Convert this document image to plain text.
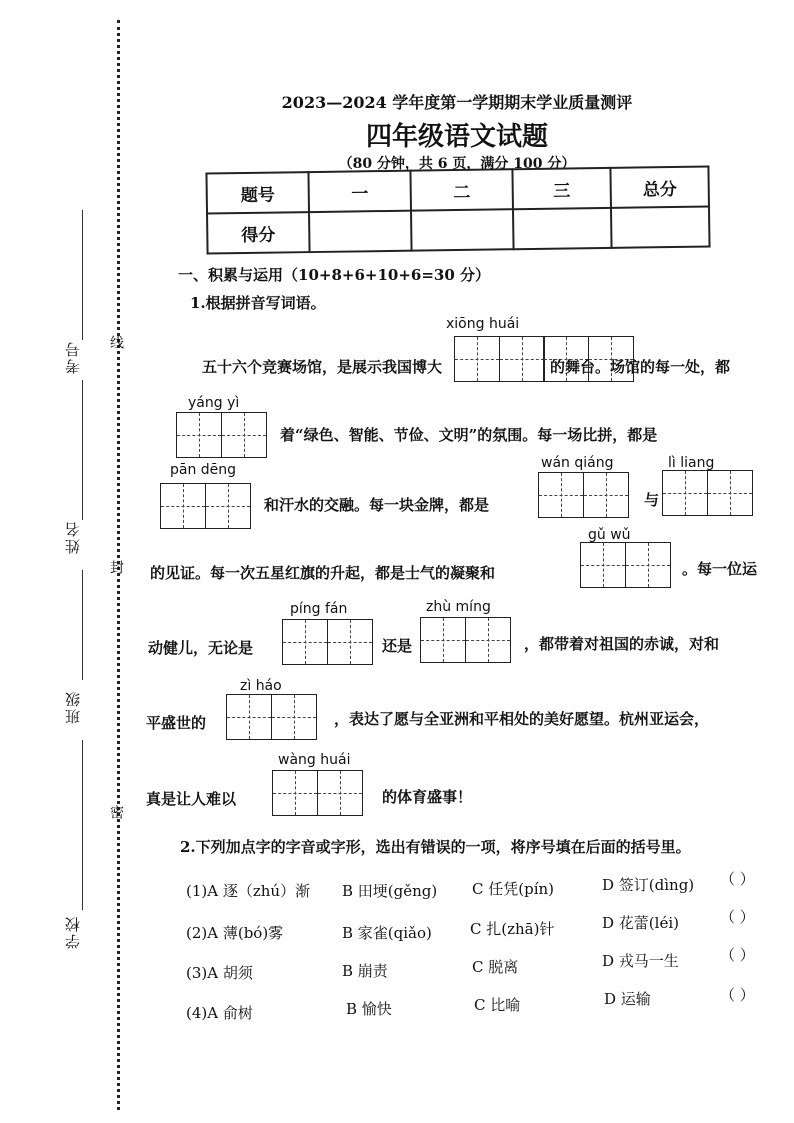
考号
姓名
班级
学校
线
封
密
2023—2024 学年度第一学期期末学业质量测评
四年级语文试题
（80 分钟，共 6 页，满分 100 分）
题号	一	二	三	总分
得分				
一、积累与运用（10+8+6+10+6=30 分）
1.根据拼音写词语。
xiōng huái
五十六个竞赛场馆，是展示我国博大	的舞台。场馆的每一处，都
yáng yì
着“绿色、智能、节俭、文明”的氛围。每一场比拼，都是
pān dēng
和汗水的交融。每一块金牌，都是
wán qiáng
与
lì liang
gǔ wǔ
的见证。每一次五星红旗的升起，都是士气的凝聚和	。每一位运
píng fán	zhù míng
动健儿，无论是	还是	，都带着对祖国的赤诚，对和
zì háo
平盛世的	，表达了愿与全亚洲和平相处的美好愿望。杭州亚运会，
wàng huái
真是让人难以	的体育盛事！
2.下列加点字的字音或字形，选出有错误的一项，将序号填在后面的括号里。
(1)A 逐（zhú）渐 B 田埂(gěng) C 任凭(pín)	D 签订(dìng) （ ）
(2)A 薄(bó)雾	B 家雀(qiǎo)	C 扎(zhā)针	D 花蕾(léi)	（ ）
(3)A 胡须	B 崩责	C 脱离	D 戎马一生	（ ）
(4)A 俞树	B 愉快	C 比喻	D 运输	（ ）
